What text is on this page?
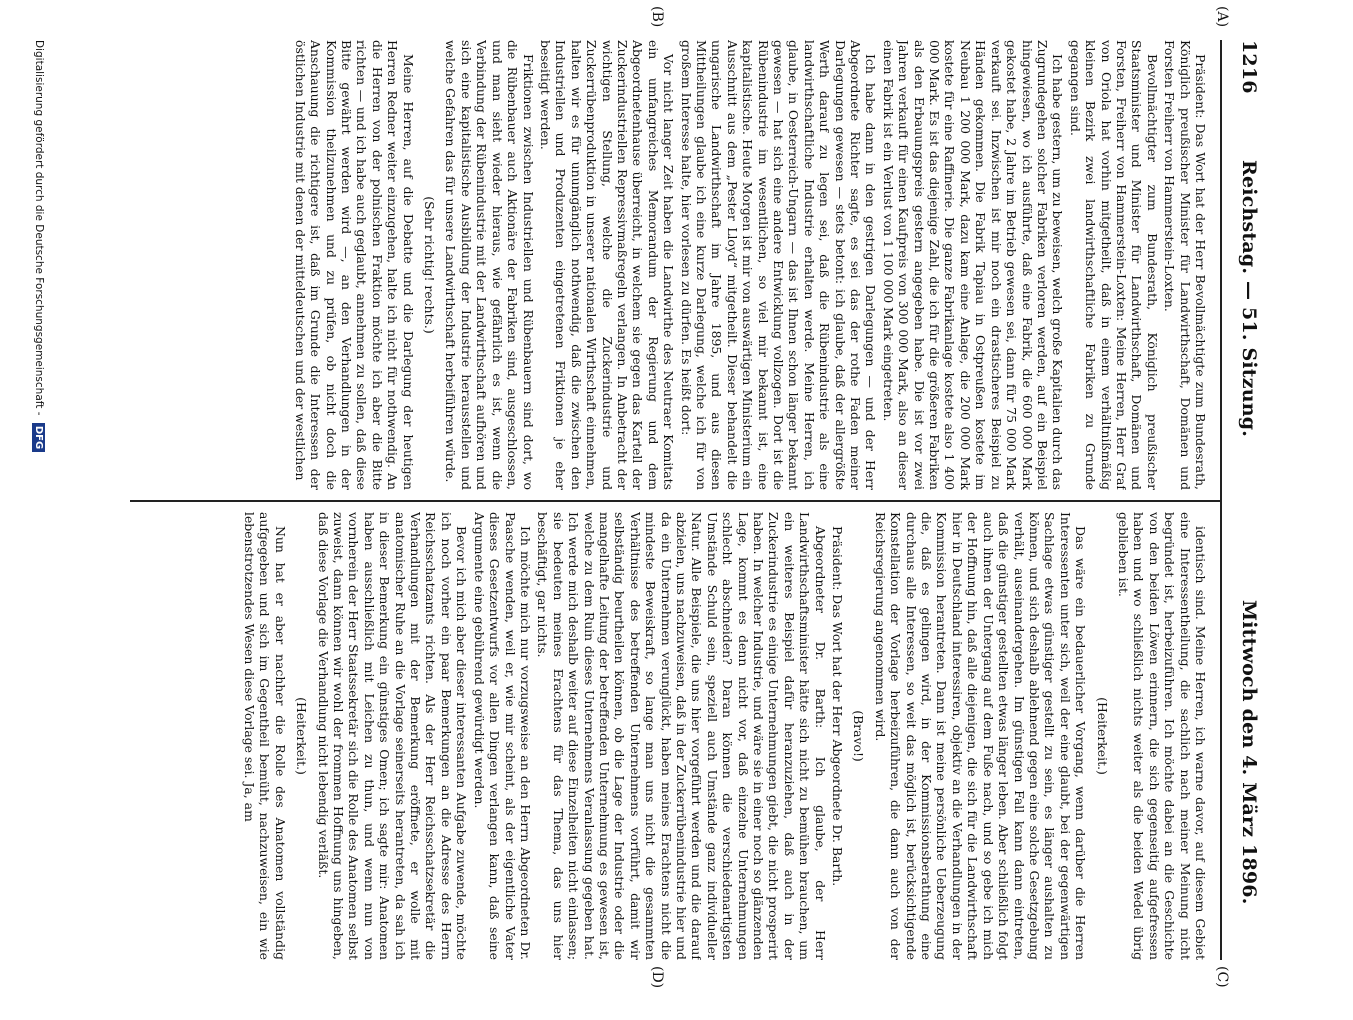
1216
Reichstag. — 51. Sitzung.
Mittwoch den 4. März 1896.
(A)
(B)
(C)
(D)

Präsident: Das Wort hat der Herr Bevollmächtigte zum Bundesrath, Königlich preußischer Minister für Landwirthschaft, Domänen und Forsten Freiherr von Hammerstein-Loxten.

Bevollmächtigter zum Bundesrath, Königlich preußischer Staatsminister und Minister für Landwirthschaft, Domänen und Forsten, Freiherr von Hammerstein-Loxten: Meine Herren, Herr Graf von Oriola hat vorhin mitgetheilt, daß in einem verhältnißmäßig kleinen Bezirk zwei landwirthschaftliche Fabriken zu Grunde gegangen sind.

Ich habe gestern, um zu beweisen, welch große Kapitalien durch das Zugrundegehen solcher Fabriken verloren werden, auf ein Beispiel hingewiesen, wo ich ausführte, daß eine Fabrik, die 600 000 Mark gekostet habe, 2 Jahre im Betrieb gewesen sei, dann für 75 000 Mark verkauft sei. Inzwischen ist mir noch ein drastischeres Beispiel zu Händen gekommen. Die Fabrik Tapiau in Ostpreußen kostete im Neubau 1 200 000 Mark, dazu kam eine Anlage, die 200 000 Mark kostete für eine Raffinerie. Die ganze Fabrikanlage kostete also 1 400 000 Mark. Es ist das diejenige Zahl, die ich für die größeren Fabriken als den Erbauungspreis gestern angegeben habe. Die ist vor zwei Jahren verkauft für einen Kaufpreis von 300 000 Mark, also an dieser einen Fabrik ist ein Verlust von 1 100 000 Mark eingetreten.

Ich habe dann in den gestrigen Darlegungen — und der Herr Abgeordnete Richter sagte, es sei das der rothe Faden meiner Darlegungen gewesen — stets betont: ich glaube, daß der allergrößte Werth darauf zu legen sei, daß die Rübenindustrie als eine landwirthschaftliche Industrie erhalten werde. Meine Herren, ich glaube, in Oesterreich-Ungarn — das ist Ihnen schon länger bekannt gewesen — hat sich eine andere Entwicklung vollzogen. Dort ist die Rübenindustrie im wesentlichen, so viel mir bekannt ist, eine kapitalistische. Heute Morgen ist mir von auswärtigen Ministerium ein Ausschnitt aus dem „Pester Lloyd“ mitgetheilt. Dieser behandelt die ungarische Landwirthschaft im Jahre 1895, und aus diesen Mittheilungen glaube ich eine kurze Darlegung, welche ich für von großem Interesse halte, hier vorlesen zu dürfen. Es heißt dort:

Vor nicht langer Zeit haben die Landwirthe des Neutraer Komitats ein umfangreiches Memorandum der Regierung und dem Abgeordnetenhause überreicht, in welchem sie gegen das Kartell der Zuckerindustriellen Repressivmaßregeln verlangen. In Anbetracht der wichtigen Stellung, welche die Zuckerindustrie und Zuckerrübenproduktion in unserer nationalen Wirthschaft einnehmen, halten wir es für unumgänglich nothwendig, daß die zwischen den Industriellen und Produzenten eingetretenen Friktionen je eher beseitigt werden.

Friktionen zwischen Industriellen und Rübenbauern sind dort, wo die Rübenbauer auch Aktionäre der Fabriken sind, ausgeschlossen, und man sieht wieder hieraus, wie gefährlich es ist, wenn die Verbindung der Rübenindustrie mit der Landwirthschaft aufhören und sich eine kapitalistische Ausbildung der Industrie herausstellen und welche Gefahren das für unsere Landwirthschaft herbeiführen würde.

(Sehr richtig! rechts.)

Meine Herren, auf die Debatte und die Darlegung der heutigen Herren Redner weiter einzugehen, halte ich nicht für nothwendig. An die Herren von der polnischen Fraktion möchte ich aber die Bitte richten — und ich habe auch geglaubt, annehmen zu sollen, daß diese Bitte gewährt werden wird —, an den Verhandlungen in der Kommission theilzunehmen und zu prüfen, ob nicht doch die Anschauung die richtigere ist, daß im Grunde die Interessen der östlichen Industrie mit denen der mitteldeutschen und der westlichen

identisch sind. Meine Herren, ich warne davor, auf diesem Gebiet eine Interessentheilung, die sachlich nach meiner Meinung nicht begründet ist, herbeizuführen. Ich möchte dabei an die Geschichte von den beiden Löwen erinnern, die sich gegenseitig aufgefressen haben und wo schließlich nichts weiter als die beiden Wedel übrig geblieben ist.

(Heiterkeit.)

Das wäre ein bedauerlicher Vorgang, wenn darüber die Herren Interessenten unter sich, weil der eine glaubt, bei der gegenwärtigen Sachlage etwas günstiger gestellt zu sein, es länger aushalten zu können, und sich deshalb ablehnend gegen eine solche Gesetzgebung verhält, auseinandergehen. Im günstigen Fall kann dann eintreten, daß die günstiger gestellten etwas länger leben. Aber schließlich folgt auch ihnen der Untergang auf dem Fuße nach, und so gebe ich mich der Hoffnung hin, daß alle diejenigen, die sich für die Landwirthschaft hier in Deutschland interessiren, objektiv an die Verhandlungen in der Kommission herantreten. Dann ist meine persönliche Ueberzeugung die, daß es gelingen wird, in der Kommissionsberathung eine durchaus alle Interessen, so weit das möglich ist, berücksichtigende Konstellation der Vorlage herbeizuführen, die dann auch von der Reichsregierung angenommen wird.

(Bravo!)

Präsident: Das Wort hat der Herr Abgeordnete Dr. Barth.

Abgeordneter Dr. Barth: Ich glaube, der Herr Landwirthschaftsminister hätte sich nicht zu bemühen brauchen, um ein weiteres Beispiel dafür heranzuziehen, daß auch in der Zuckerindustrie es einige Unternehmungen giebt, die nicht prosperirt haben. In welcher Industrie, und wäre sie in einer noch so glänzenden Lage, kommt es denn nicht vor, daß einzelne Unternehmungen schlecht abschneiden? Daran können die verschiedenartigsten Umstände Schuld sein, speziell auch Umstände ganz individueller Natur. Alle Beispiele, die uns hier vorgeführt werden und die darauf abzielen, uns nachzuweisen, daß in der Zuckerrübenindustrie hier und da ein Unternehmen verunglückt, haben meines Erachtens nicht die mindeste Beweiskraft, so lange man uns nicht die gesammten Verhältnisse des betreffenden Unternehmens vorführt, damit wir selbständig beurtheilen können, ob die Lage der Industrie oder die mangelhafte Leitung der betreffenden Unternehmung es gewesen ist, welche zu dem Ruin dieses Unternehmens Veranlassung gegeben hat. Ich werde mich deshalb weiter auf diese Einzelheiten nicht einlassen; sie bedeuten meines Erachtens für das Thema, das uns hier beschäftigt, gar nichts.

Ich möchte mich nur vorzugsweise an den Herrn Abgeordneten Dr. Paasche wenden, weil er, wie mir scheint, als der eigentliche Vater dieses Gesetzentwurfs vor allen Dingen verlangen kann, daß seine Argumente eine gebührend gewürdigt werden.

Bevor ich mich aber dieser interessanten Aufgabe zuwende, möchte ich noch vorher ein paar Bemerkungen an die Adresse des Herrn Reichsschatzamts richten. Als der Herr Reichsschatzsekretär die Verhandlungen mit der Bemerkung eröffnete, er wolle mit anatomischer Ruhe an die Vorlage seinerseits herantreten, da sah ich in dieser Bemerkung ein günstiges Omen; ich sagte mir: Anatomen haben ausschließlich mit Leichen zu thun, und wenn nun von vornherein der Herr Staatssekretär sich die Rolle des Anatomen selbst zuweist, dann können wir wohl der frommen Hoffnung uns hingeben, daß diese Vorlage die Verhandlung nicht lebendig verläßt.

(Heiterkeit.)

Nun hat er aber nachher die Rolle des Anatomen vollständig aufgegeben und sich im Gegentheil bemüht, nachzuweisen, ein wie lebenstrotzendes Wesen diese Vorlage sei. Ja, am

Digitalisierung gefördert durch die Deutsche Forschungsgemeinschaft - DFG
